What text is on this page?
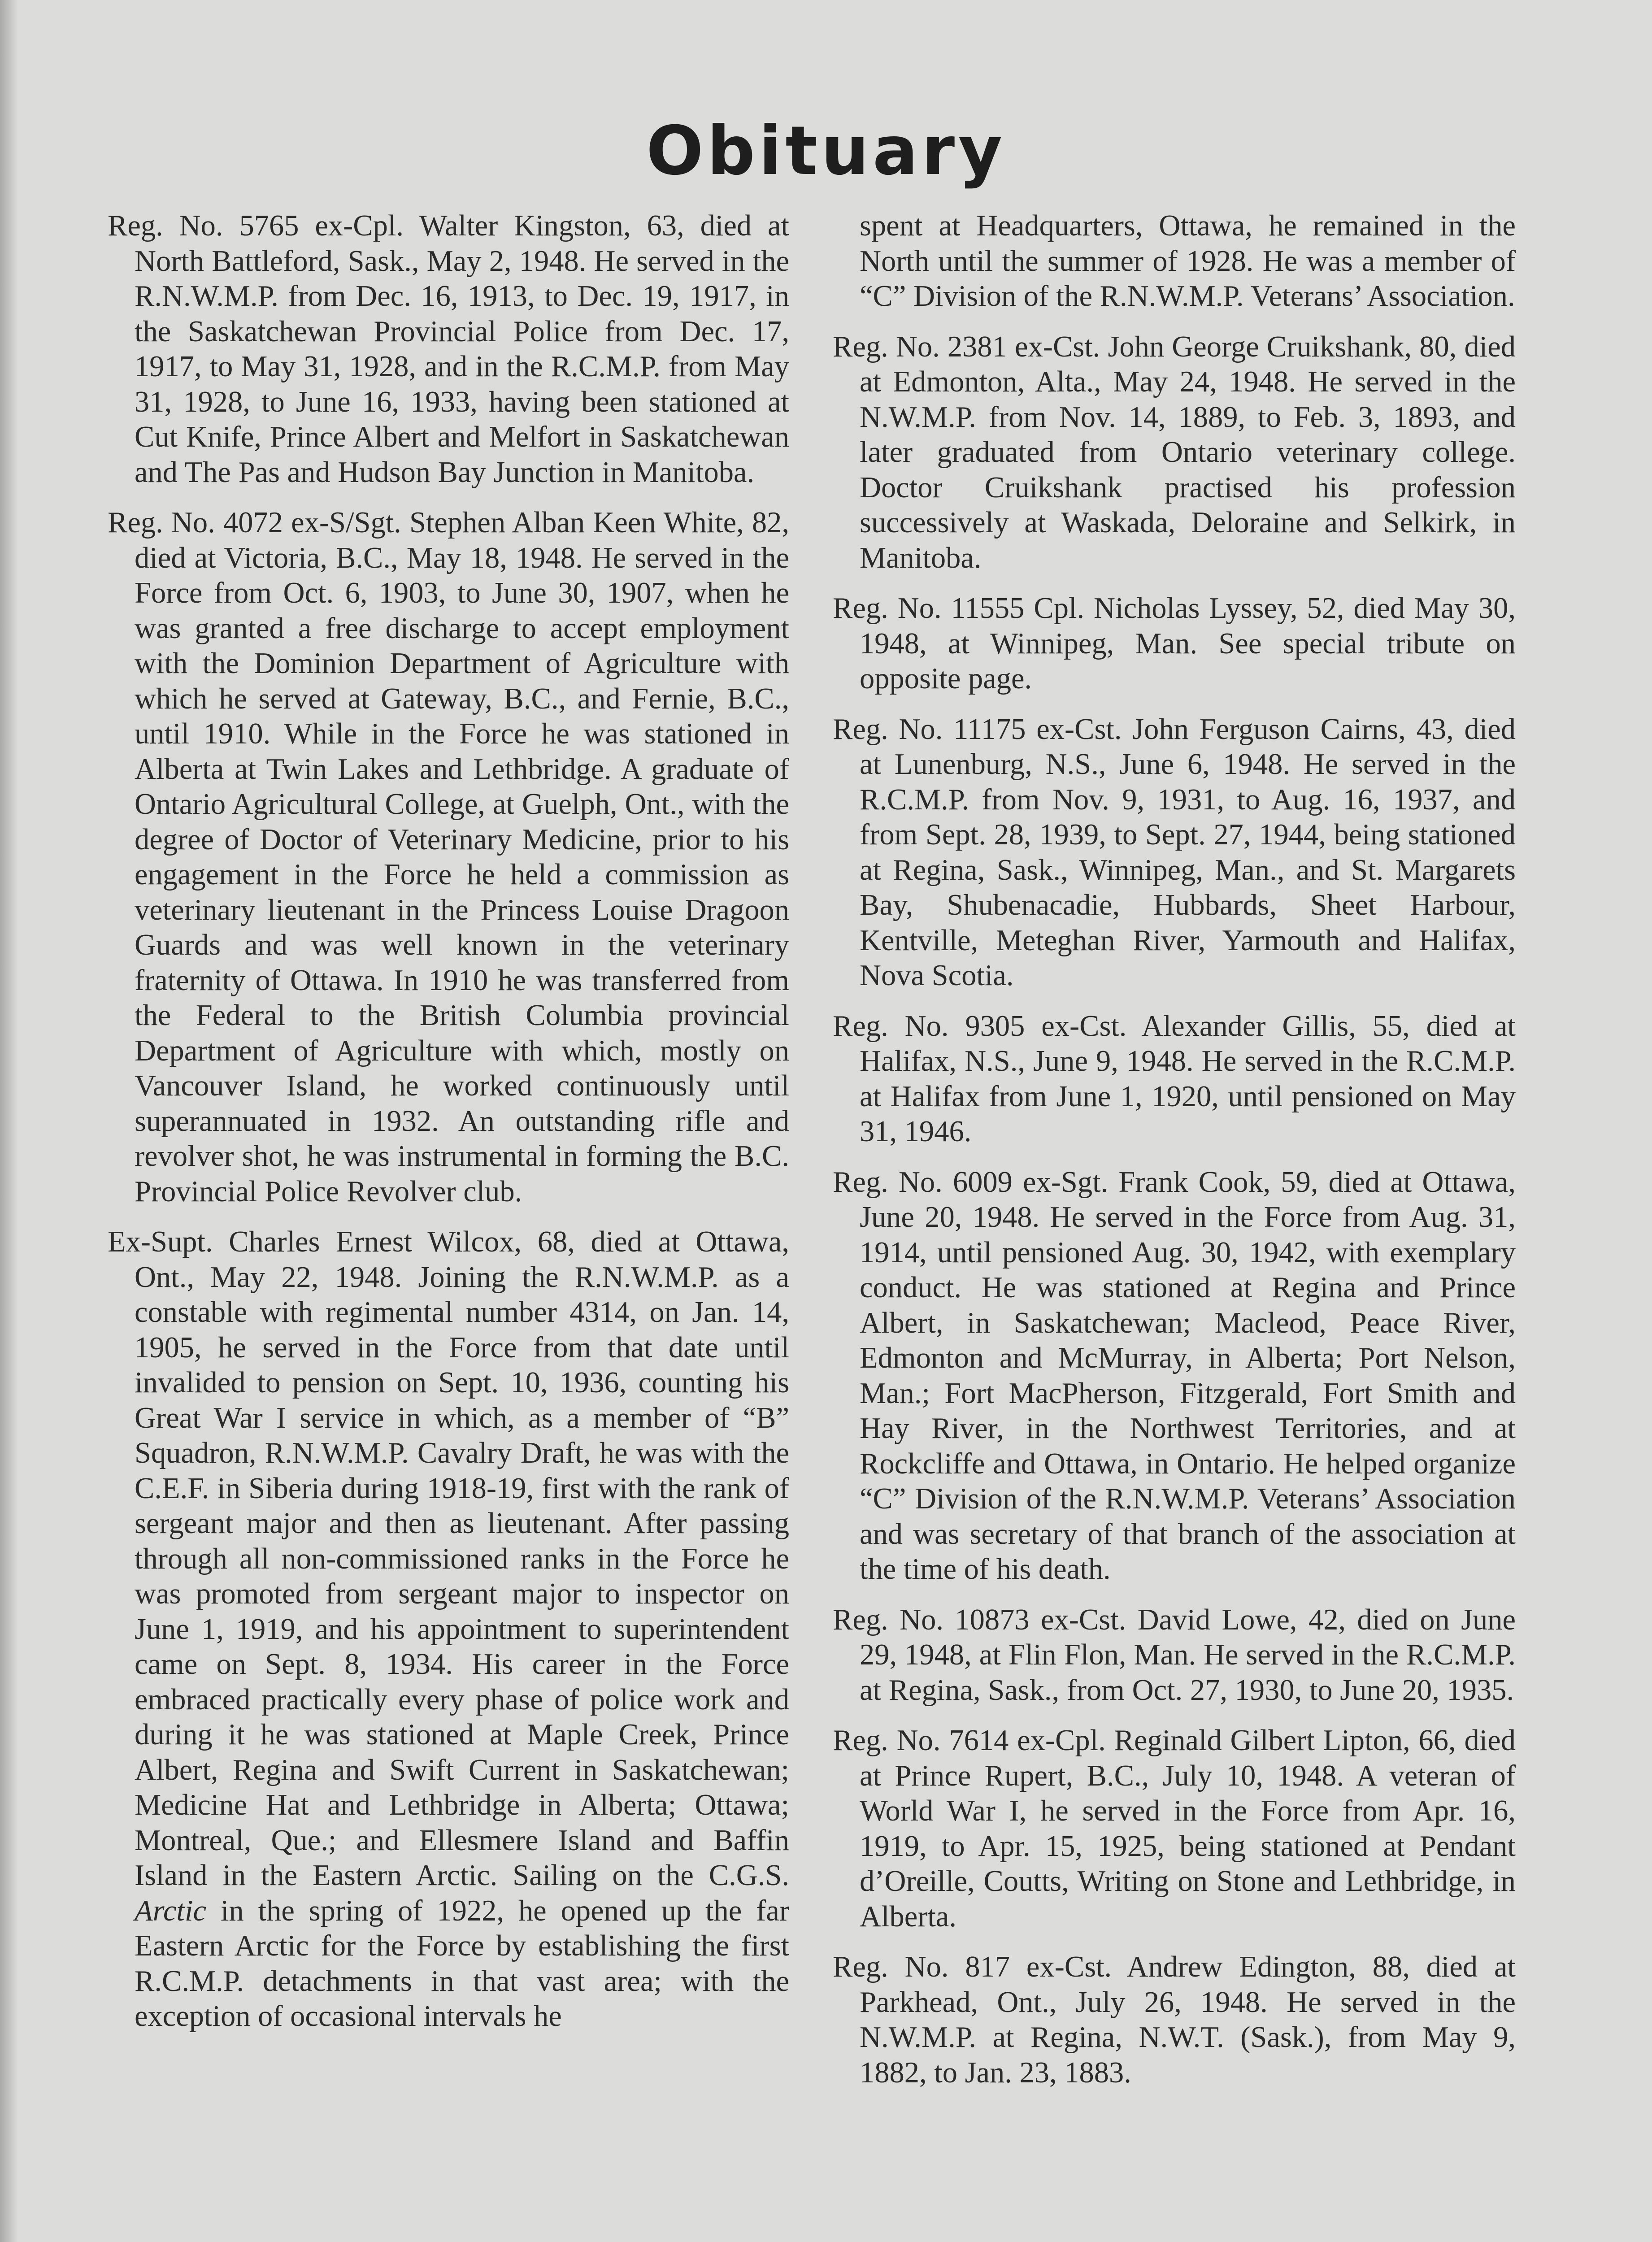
Obituary

Reg. No. 5765 ex-Cpl. Walter Kingston, 63, died at North Battleford, Sask., May 2, 1948. He served in the R.N.W.M.P. from Dec. 16, 1913, to Dec. 19, 1917, in the Saskatchewan Provincial Police from Dec. 17, 1917, to May 31, 1928, and in the R.C.M.P. from May 31, 1928, to June 16, 1933, having been stationed at Cut Knife, Prince Albert and Melfort in Saskatchewan and The Pas and Hudson Bay Junction in Manitoba.

Reg. No. 4072 ex-S/Sgt. Stephen Alban Keen White, 82, died at Victoria, B.C., May 18, 1948. He served in the Force from Oct. 6, 1903, to June 30, 1907, when he was granted a free discharge to accept employment with the Dominion Department of Agriculture with which he served at Gateway, B.C., and Fernie, B.C., until 1910. While in the Force he was stationed in Alberta at Twin Lakes and Lethbridge. A graduate of Ontario Agricultural College, at Guelph, Ont., with the degree of Doctor of Veterinary Medicine, prior to his engagement in the Force he held a commission as veterinary lieutenant in the Princess Louise Dragoon Guards and was well known in the veterinary fraternity of Ottawa. In 1910 he was transferred from the Federal to the British Columbia provincial Department of Agriculture with which, mostly on Vancouver Island, he worked continuously until superannuated in 1932. An outstanding rifle and revolver shot, he was instrumental in forming the B.C. Provincial Police Revolver club.

Ex-Supt. Charles Ernest Wilcox, 68, died at Ottawa, Ont., May 22, 1948. Joining the R.N.W.M.P. as a constable with regimental number 4314, on Jan. 14, 1905, he served in the Force from that date until invalided to pension on Sept. 10, 1936, counting his Great War I service in which, as a member of “B” Squadron, R.N.W.M.P. Cavalry Draft, he was with the C.E.F. in Siberia during 1918-19, first with the rank of sergeant major and then as lieutenant. After passing through all non-commissioned ranks in the Force he was promoted from sergeant major to inspector on June 1, 1919, and his appointment to superintendent came on Sept. 8, 1934. His career in the Force embraced practically every phase of police work and during it he was stationed at Maple Creek, Prince Albert, Regina and Swift Current in Saskatchewan; Medicine Hat and Lethbridge in Alberta; Ottawa; Montreal, Que.; and Ellesmere Island and Baffin Island in the Eastern Arctic. Sailing on the C.G.S. Arctic in the spring of 1922, he opened up the far Eastern Arctic for the Force by establishing the first R.C.M.P. detachments in that vast area; with the exception of occasional intervals he

spent at Headquarters, Ottawa, he remained in the North until the summer of 1928. He was a member of “C” Division of the R.N.W.M.P. Veterans’ Association.

Reg. No. 2381 ex-Cst. John George Cruikshank, 80, died at Edmonton, Alta., May 24, 1948. He served in the N.W.M.P. from Nov. 14, 1889, to Feb. 3, 1893, and later graduated from Ontario veterinary college. Doctor Cruikshank practised his profession successively at Waskada, Deloraine and Selkirk, in Manitoba.

Reg. No. 11555 Cpl. Nicholas Lyssey, 52, died May 30, 1948, at Winnipeg, Man. See special tribute on opposite page.

Reg. No. 11175 ex-Cst. John Ferguson Cairns, 43, died at Lunenburg, N.S., June 6, 1948. He served in the R.C.M.P. from Nov. 9, 1931, to Aug. 16, 1937, and from Sept. 28, 1939, to Sept. 27, 1944, being stationed at Regina, Sask., Winnipeg, Man., and St. Margarets Bay, Shubenacadie, Hubbards, Sheet Harbour, Kentville, Meteghan River, Yarmouth and Halifax, Nova Scotia.

Reg. No. 9305 ex-Cst. Alexander Gillis, 55, died at Halifax, N.S., June 9, 1948. He served in the R.C.M.P. at Halifax from June 1, 1920, until pensioned on May 31, 1946.

Reg. No. 6009 ex-Sgt. Frank Cook, 59, died at Ottawa, June 20, 1948. He served in the Force from Aug. 31, 1914, until pensioned Aug. 30, 1942, with exemplary conduct. He was stationed at Regina and Prince Albert, in Saskatchewan; Macleod, Peace River, Edmonton and McMurray, in Alberta; Port Nelson, Man.; Fort MacPherson, Fitzgerald, Fort Smith and Hay River, in the Northwest Territories, and at Rockcliffe and Ottawa, in Ontario. He helped organize “C” Division of the R.N.W.M.P. Veterans’ Association and was secretary of that branch of the association at the time of his death.

Reg. No. 10873 ex-Cst. David Lowe, 42, died on June 29, 1948, at Flin Flon, Man. He served in the R.C.M.P. at Regina, Sask., from Oct. 27, 1930, to June 20, 1935.

Reg. No. 7614 ex-Cpl. Reginald Gilbert Lipton, 66, died at Prince Rupert, B.C., July 10, 1948. A veteran of World War I, he served in the Force from Apr. 16, 1919, to Apr. 15, 1925, being stationed at Pendant d’Oreille, Coutts, Writing on Stone and Lethbridge, in Alberta.

Reg. No. 817 ex-Cst. Andrew Edington, 88, died at Parkhead, Ont., July 26, 1948. He served in the N.W.M.P. at Regina, N.W.T. (Sask.), from May 9, 1882, to Jan. 23, 1883.
